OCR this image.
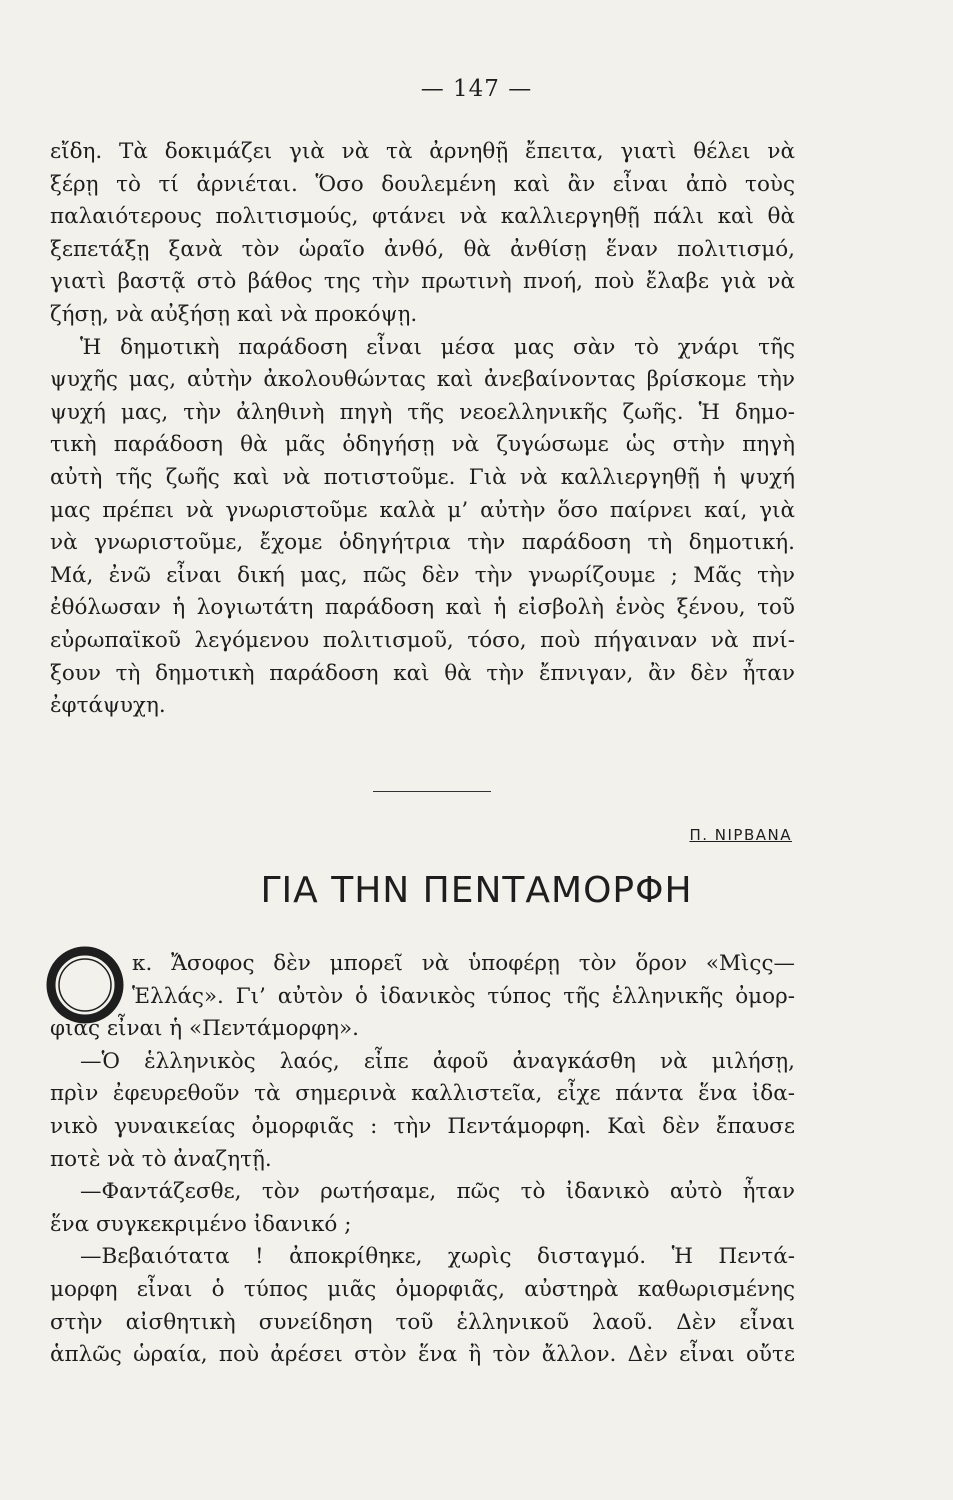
— 147 —
εἴδη. Τὰ δοκιμάζει γιὰ νὰ τὰ ἀρνηθῇ ἔπειτα, γιατὶ θέλει νὰ
ξέρῃ τὸ τί ἀρνιέται. Ὅσο δουλεμένη καὶ ἂν εἶναι ἀπὸ τοὺς
παλαιότερους πολιτισμούς, φτάνει νὰ καλλιεργηθῇ πάλι καὶ θὰ
ξεπετάξῃ ξανὰ τὸν ὡραῖο ἀνθό, θὰ ἀνθίσῃ ἕναν πολιτισμό,
γιατὶ βαστᾷ στὸ βάθος της τὴν πρωτινὴ πνοή, ποὺ ἔλαβε γιὰ νὰ
ζήσῃ, νὰ αὐξήσῃ καὶ νὰ προκόψῃ.
Ἡ δημοτικὴ παράδοση εἶναι μέσα μας σὰν τὸ χνάρι τῆς
ψυχῆς μας, αὐτὴν ἀκολουθώντας καὶ ἀνεβαίνοντας βρίσκομε τὴν
ψυχή μας, τὴν ἀληθινὴ πηγὴ τῆς νεοελληνικῆς ζωῆς. Ἡ δημο-
τικὴ παράδοση θὰ μᾶς ὁδηγήσῃ νὰ ζυγώσωμε ὡς στὴν πηγὴ
αὐτὴ τῆς ζωῆς καὶ νὰ ποτιστοῦμε. Γιὰ νὰ καλλιεργηθῇ ἡ ψυχή
μας πρέπει νὰ γνωριστοῦμε καλὰ μ’ αὐτὴν ὅσο παίρνει καί, γιὰ
νὰ γνωριστοῦμε, ἔχομε ὁδηγήτρια τὴν παράδοση τὴ δημοτική.
Μά, ἐνῶ εἶναι δική μας, πῶς δὲν τὴν γνωρίζουμε ; Μᾶς τὴν
ἐθόλωσαν ἡ λογιωτάτη παράδοση καὶ ἡ εἰσβολὴ ἑνὸς ξένου, τοῦ
εὐρωπαϊκοῦ λεγόμενου πολιτισμοῦ, τόσο, ποὺ πήγαιναν νὰ πνί-
ξουν τὴ δημοτικὴ παράδοση καὶ θὰ τὴν ἔπνιγαν, ἂν δὲν ἦταν
ἐφτάψυχη.
Π. ΝΙΡΒΑΝΑ
ΓΙΑ ΤΗΝ ΠΕΝΤΑΜΟΡΦΗ
O
κ. Ἄσοφος δὲν μπορεῖ νὰ ὑποφέρῃ τὸν ὅρον «Μὶςς—
Ἑλλάς». Γι’ αὐτὸν ὁ ἰδανικὸς τύπος τῆς ἑλληνικῆς ὀμορ-
φιᾶς εἶναι ἡ «Πεντάμορφη».
—Ὁ ἑλληνικὸς λαός, εἶπε ἀφοῦ ἀναγκάσθη νὰ μιλήσῃ,
πρὶν ἐφευρεθοῦν τὰ σημερινὰ καλλιστεῖα, εἶχε πάντα ἕνα ἰδα-
νικὸ γυναικείας ὀμορφιᾶς : τὴν Πεντάμορφη. Καὶ δὲν ἔπαυσε
ποτὲ νὰ τὸ ἀναζητῇ.
—Φαντάζεσθε, τὸν ρωτήσαμε, πῶς τὸ ἰδανικὸ αὐτὸ ἦταν
ἕνα συγκεκριμένο ἰδανικό ;
—Βεβαιότατα ! ἀποκρίθηκε, χωρὶς δισταγμό. Ἡ Πεντά-
μορφη εἶναι ὁ τύπος μιᾶς ὀμορφιᾶς, αὐστηρὰ καθωρισμένης
στὴν αἰσθητικὴ συνείδηση τοῦ ἑλληνικοῦ λαοῦ. Δὲν εἶναι
ἁπλῶς ὡραία, ποὺ ἀρέσει στὸν ἕνα ἢ τὸν ἄλλον. Δὲν εἶναι οὔτε
